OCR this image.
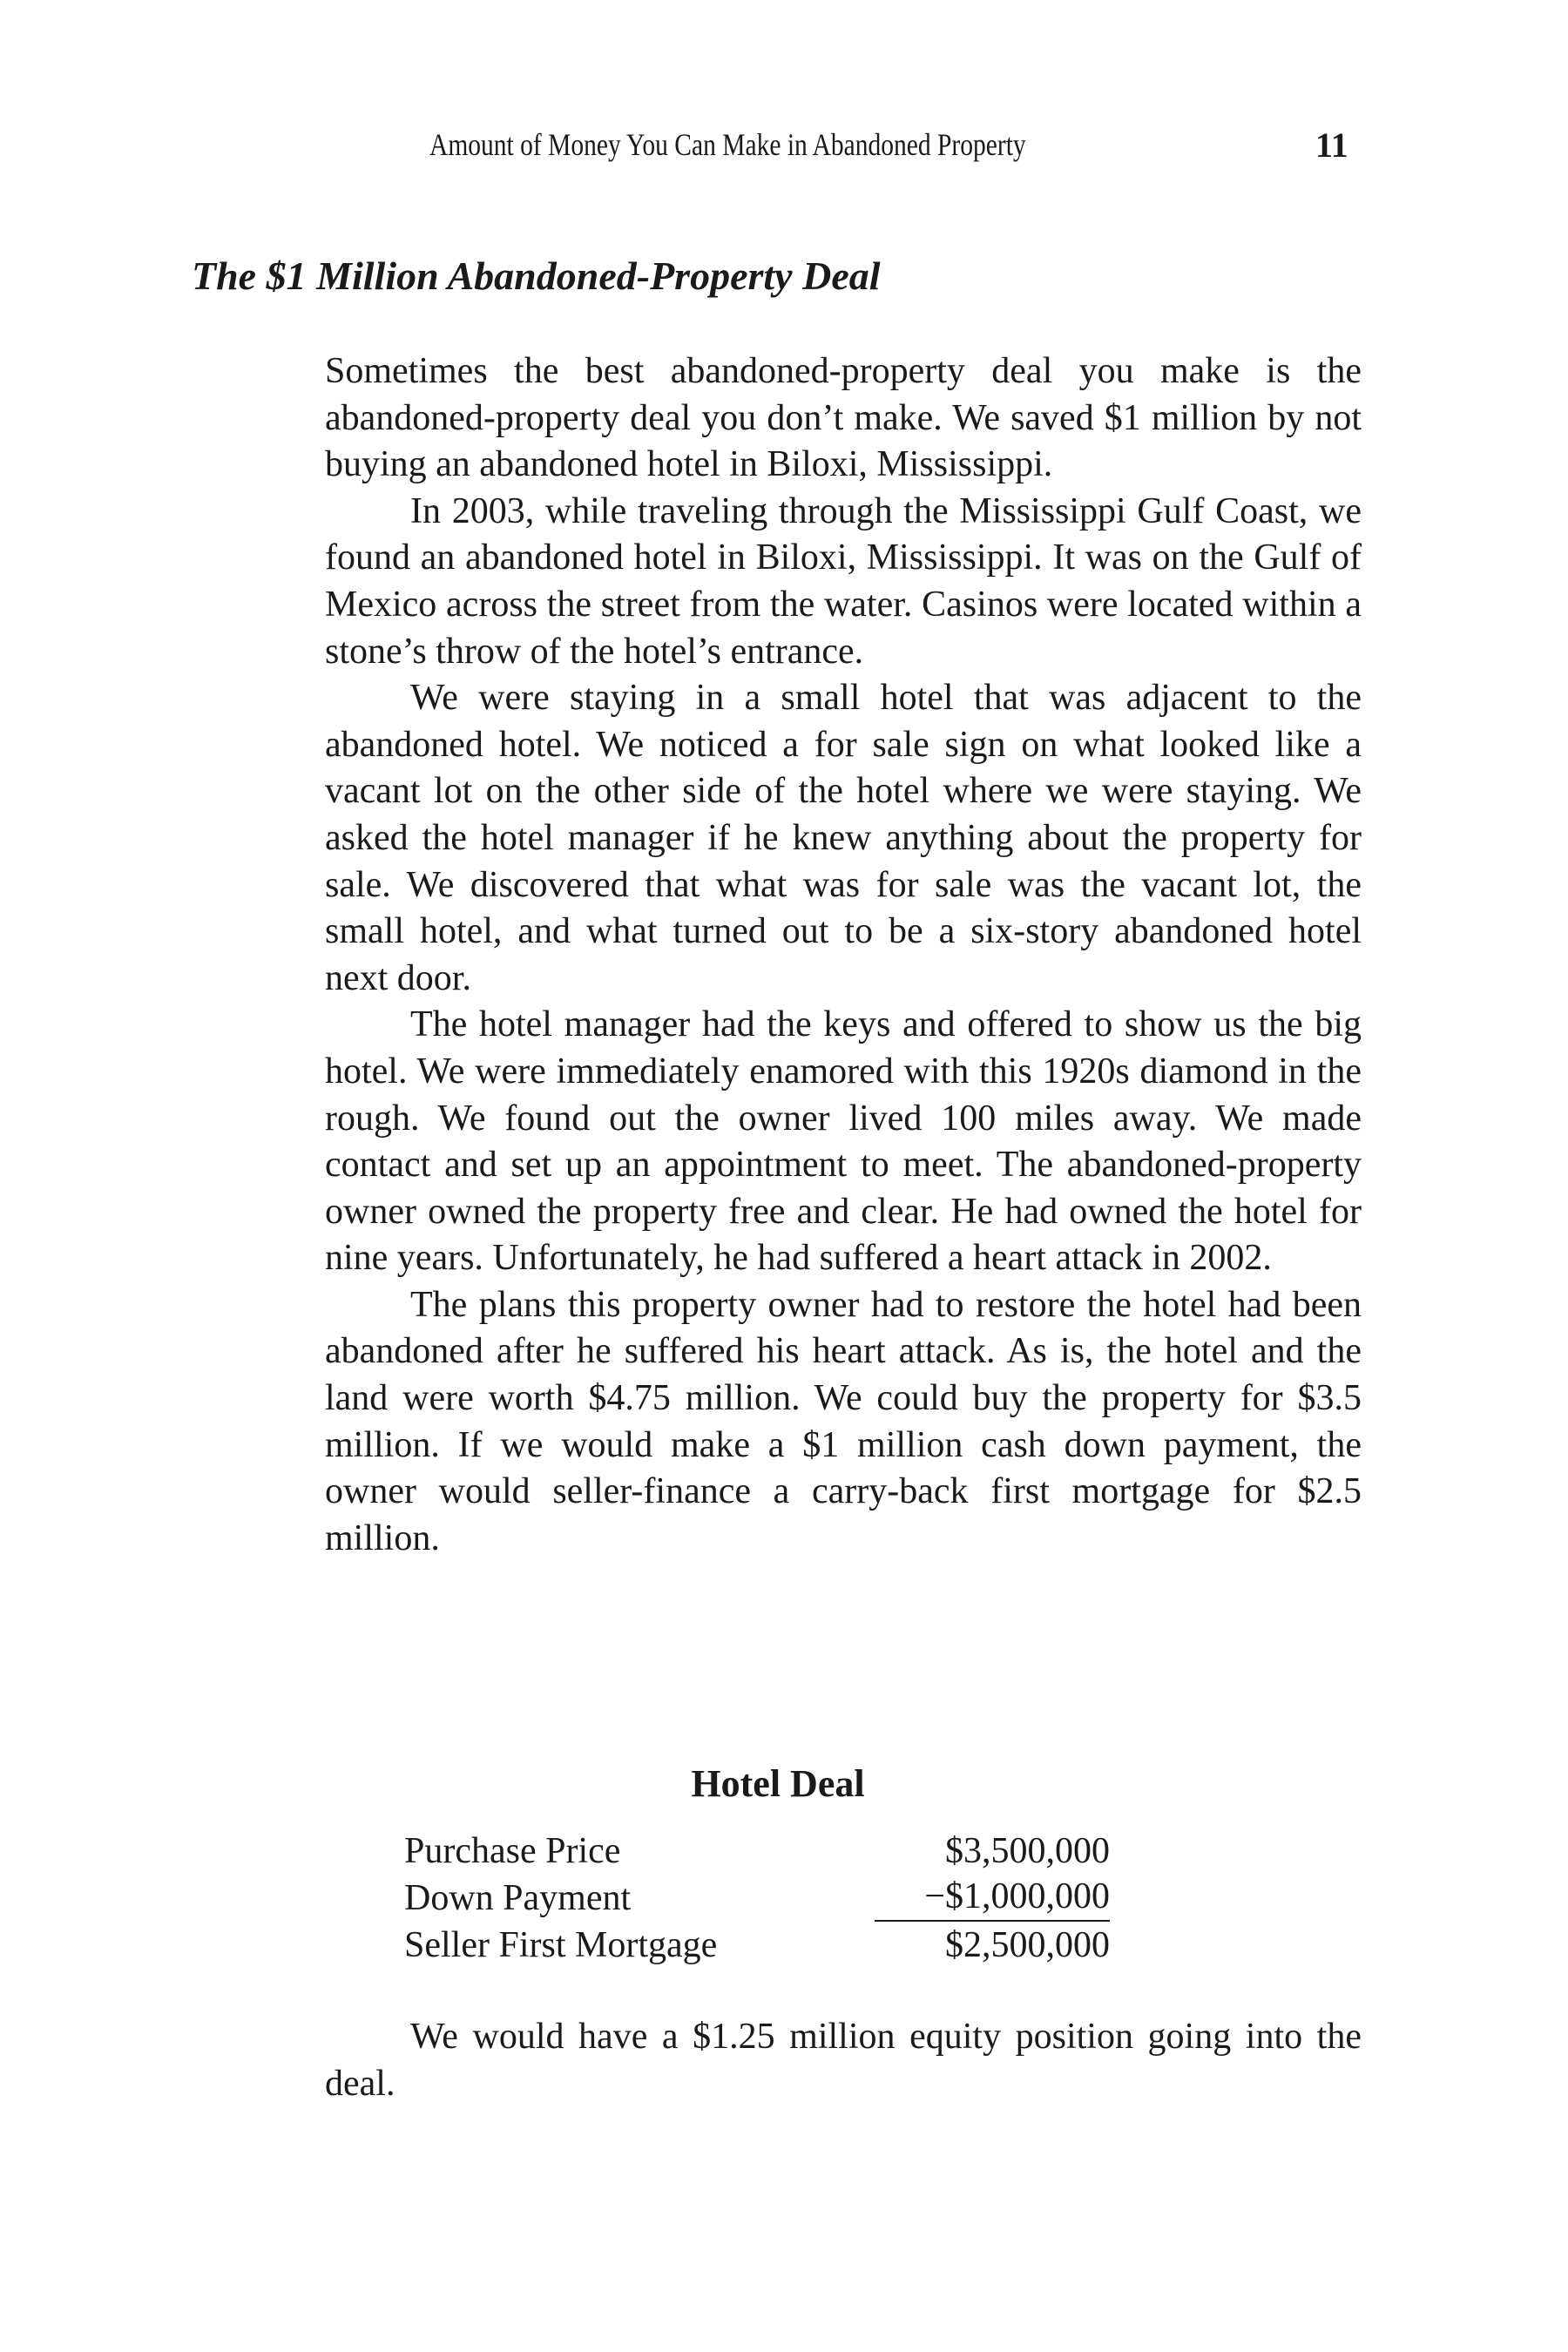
Amount of Money You Can Make in Abandoned Property	11
The $1 Million Abandoned-Property Deal

Sometimes the best abandoned-property deal you make is the abandoned-property deal you don’t make. We saved $1 million by not buying an abandoned hotel in Biloxi, Mississippi.

In 2003, while traveling through the Mississippi Gulf Coast, we found an abandoned hotel in Biloxi, Mississippi. It was on the Gulf of Mexico across the street from the water. Casinos were located within a stone’s throw of the hotel’s entrance.

We were staying in a small hotel that was adjacent to the abandoned hotel. We noticed a for sale sign on what looked like a vacant lot on the other side of the hotel where we were staying. We asked the hotel manager if he knew anything about the property for sale. We discovered that what was for sale was the vacant lot, the small hotel, and what turned out to be a six-story abandoned hotel next door.

The hotel manager had the keys and offered to show us the big hotel. We were immediately enamored with this 1920s diamond in the rough. We found out the owner lived 100 miles away. We made contact and set up an appointment to meet. The abandoned-property owner owned the property free and clear. He had owned the hotel for nine years. Unfortunately, he had suffered a heart attack in 2002.

The plans this property owner had to restore the hotel had been abandoned after he suffered his heart attack. As is, the hotel and the land were worth $4.75 million. We could buy the property for $3.5 million. If we would make a $1 million cash down payment, the owner would seller-finance a carry-back first mortgage for $2.5 million.

Hotel Deal
Purchase Price	$3,500,000
Down Payment	−$1,000,000
Seller First Mortgage	$2,500,000

We would have a $1.25 million equity position going into the deal.
